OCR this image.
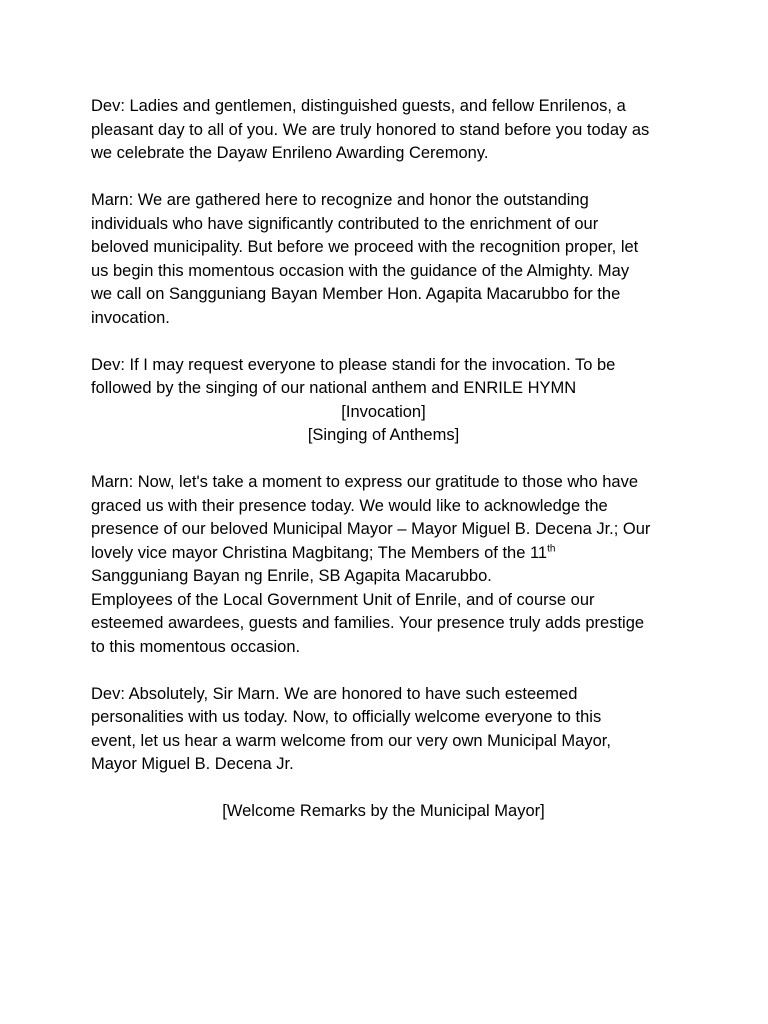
Dev: Ladies and gentlemen, distinguished guests, and fellow Enrilenos, a
pleasant day to all of you. We are truly honored to stand before you today as
we celebrate the Dayaw Enrileno Awarding Ceremony.

Marn: We are gathered here to recognize and honor the outstanding
individuals who have significantly contributed to the enrichment of our
beloved municipality. But before we proceed with the recognition proper, let
us begin this momentous occasion with the guidance of the Almighty. May
we call on Sangguniang Bayan Member Hon. Agapita Macarubbo for the
invocation.

Dev: If I may request everyone to please standi for the invocation. To be
followed by the singing of our national anthem and ENRILE HYMN
[Invocation]
[Singing of Anthems]

Marn: Now, let's take a moment to express our gratitude to those who have
graced us with their presence today. We would like to acknowledge the
presence of our beloved Municipal Mayor – Mayor Miguel B. Decena Jr.; Our
lovely vice mayor Christina Magbitang; The Members of the 11th
Sangguniang Bayan ng Enrile, SB Agapita Macarubbo.
Employees of the Local Government Unit of Enrile, and of course our
esteemed awardees, guests and families. Your presence truly adds prestige
to this momentous occasion.

Dev: Absolutely, Sir Marn. We are honored to have such esteemed
personalities with us today. Now, to officially welcome everyone to this
event, let us hear a warm welcome from our very own Municipal Mayor,
Mayor Miguel B. Decena Jr.

[Welcome Remarks by the Municipal Mayor]
